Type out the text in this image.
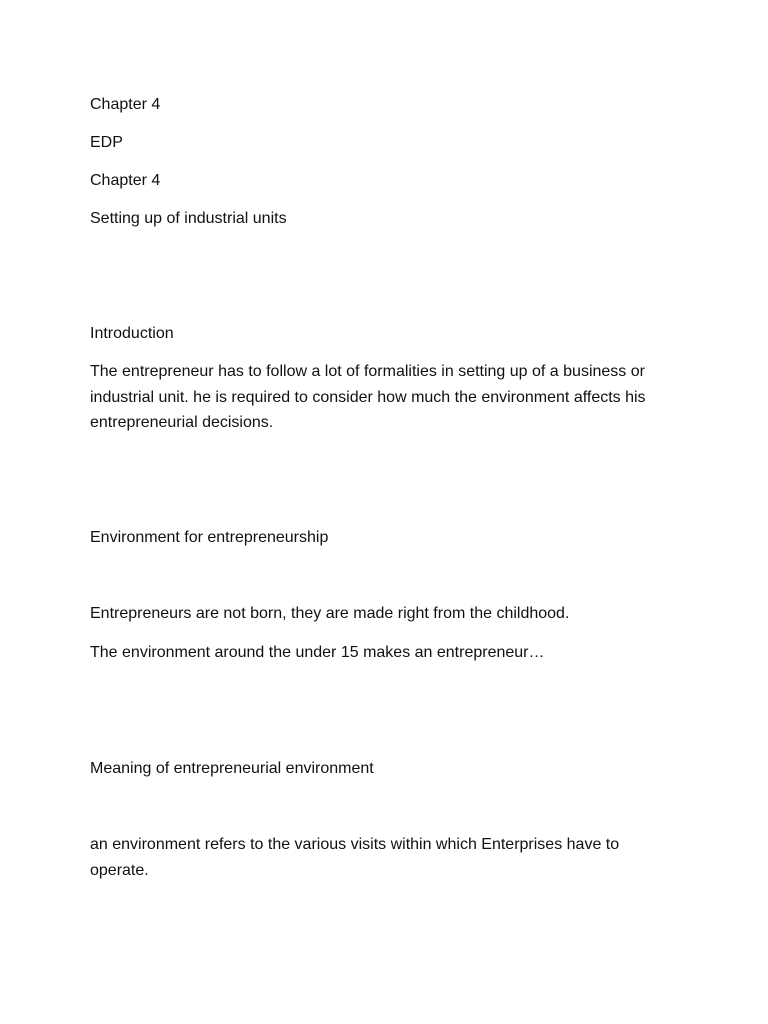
Chapter 4
EDP
Chapter 4
Setting up of industrial units
Introduction
The entrepreneur has to follow a lot of formalities in setting up of a business or industrial unit. he is required to consider how much the environment affects his entrepreneurial decisions.
Environment for entrepreneurship
Entrepreneurs are not born, they are made right from the childhood.
The environment around the under 15 makes an entrepreneur…
Meaning of entrepreneurial environment
an environment refers to the various visits within which Enterprises have to operate.
